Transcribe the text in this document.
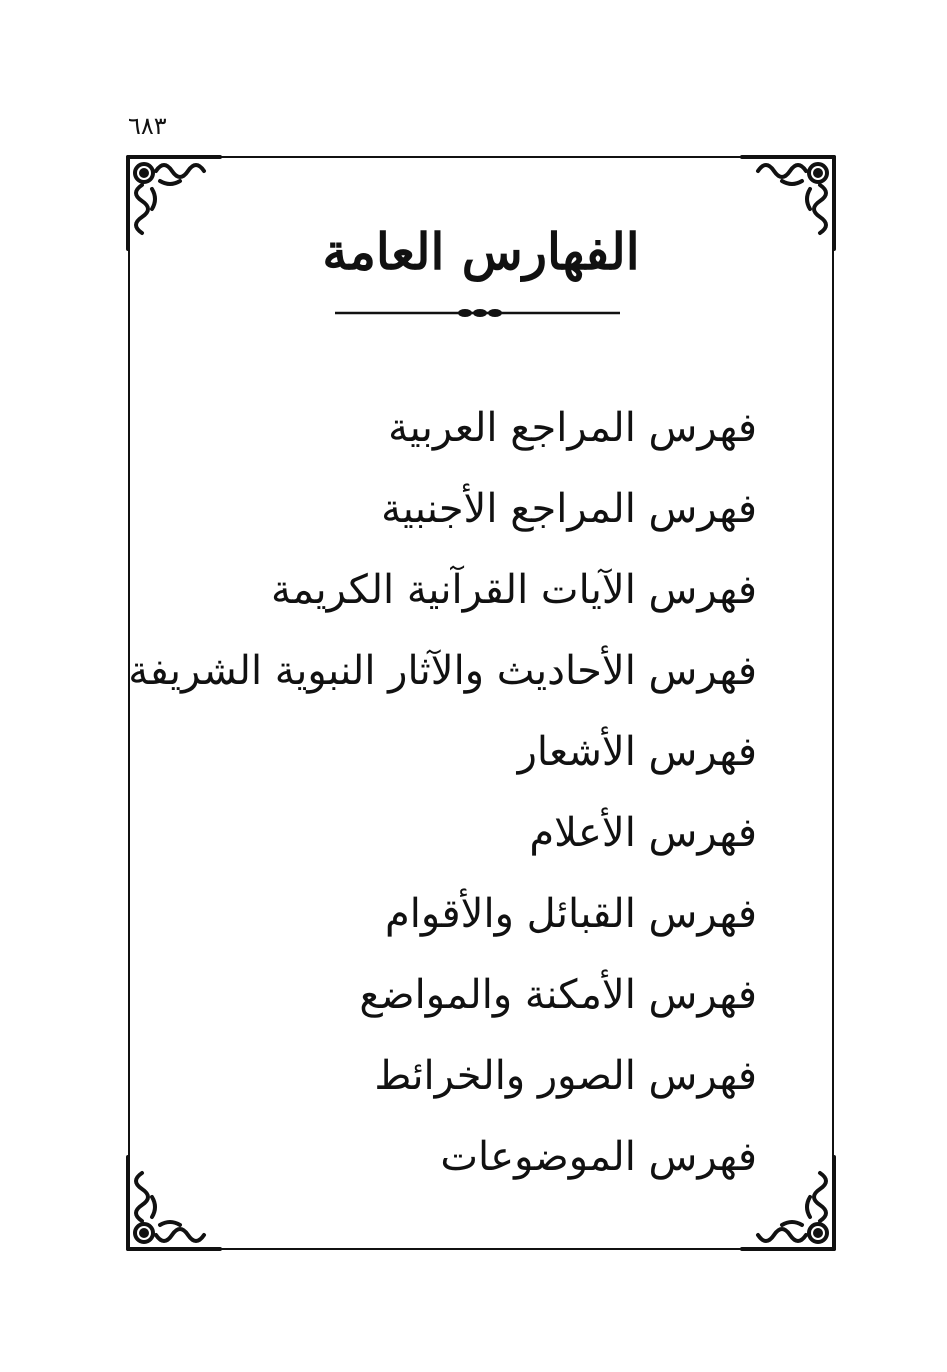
٦٨٣
الفهارس العامة
فهرس المراجع العربية
فهرس المراجع الأجنبية
فهرس الآيات القرآنية الكريمة
فهرس الأحاديث والآثار النبوية الشريفة
فهرس الأشعار
فهرس الأعلام
فهرس القبائل والأقوام
فهرس الأمكنة والمواضع
فهرس الصور والخرائط
فهرس الموضوعات
